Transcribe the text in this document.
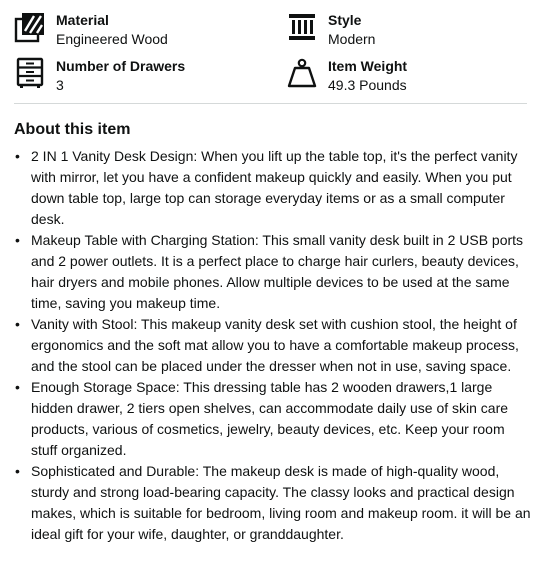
Material
Engineered Wood
Style
Modern
Number of Drawers
3
Item Weight
49.3 Pounds
About this item
• 2 IN 1 Vanity Desk Design: When you lift up the table top, it's the perfect vanity with mirror, let you have a confident makeup quickly and easily. When you put down table top, large top can storage everyday items or as a small computer desk.
• Makeup Table with Charging Station: This small vanity desk built in 2 USB ports and 2 power outlets. It is a perfect place to charge hair curlers, beauty devices, hair dryers and mobile phones. Allow multiple devices to be used at the same time, saving you makeup time.
• Vanity with Stool: This makeup vanity desk set with cushion stool, the height of ergonomics and the soft mat allow you to have a comfortable makeup process, and the stool can be placed under the dresser when not in use, saving space.
• Enough Storage Space: This dressing table has 2 wooden drawers,1 large hidden drawer, 2 tiers open shelves, can accommodate daily use of skin care products, various of cosmetics, jewelry, beauty devices, etc. Keep your room stuff organized.
• Sophisticated and Durable: The makeup desk is made of high-quality wood, sturdy and strong load-bearing capacity. The classy looks and practical design makes, which is suitable for bedroom, living room and makeup room. it will be an ideal gift for your wife, daughter, or granddaughter.
